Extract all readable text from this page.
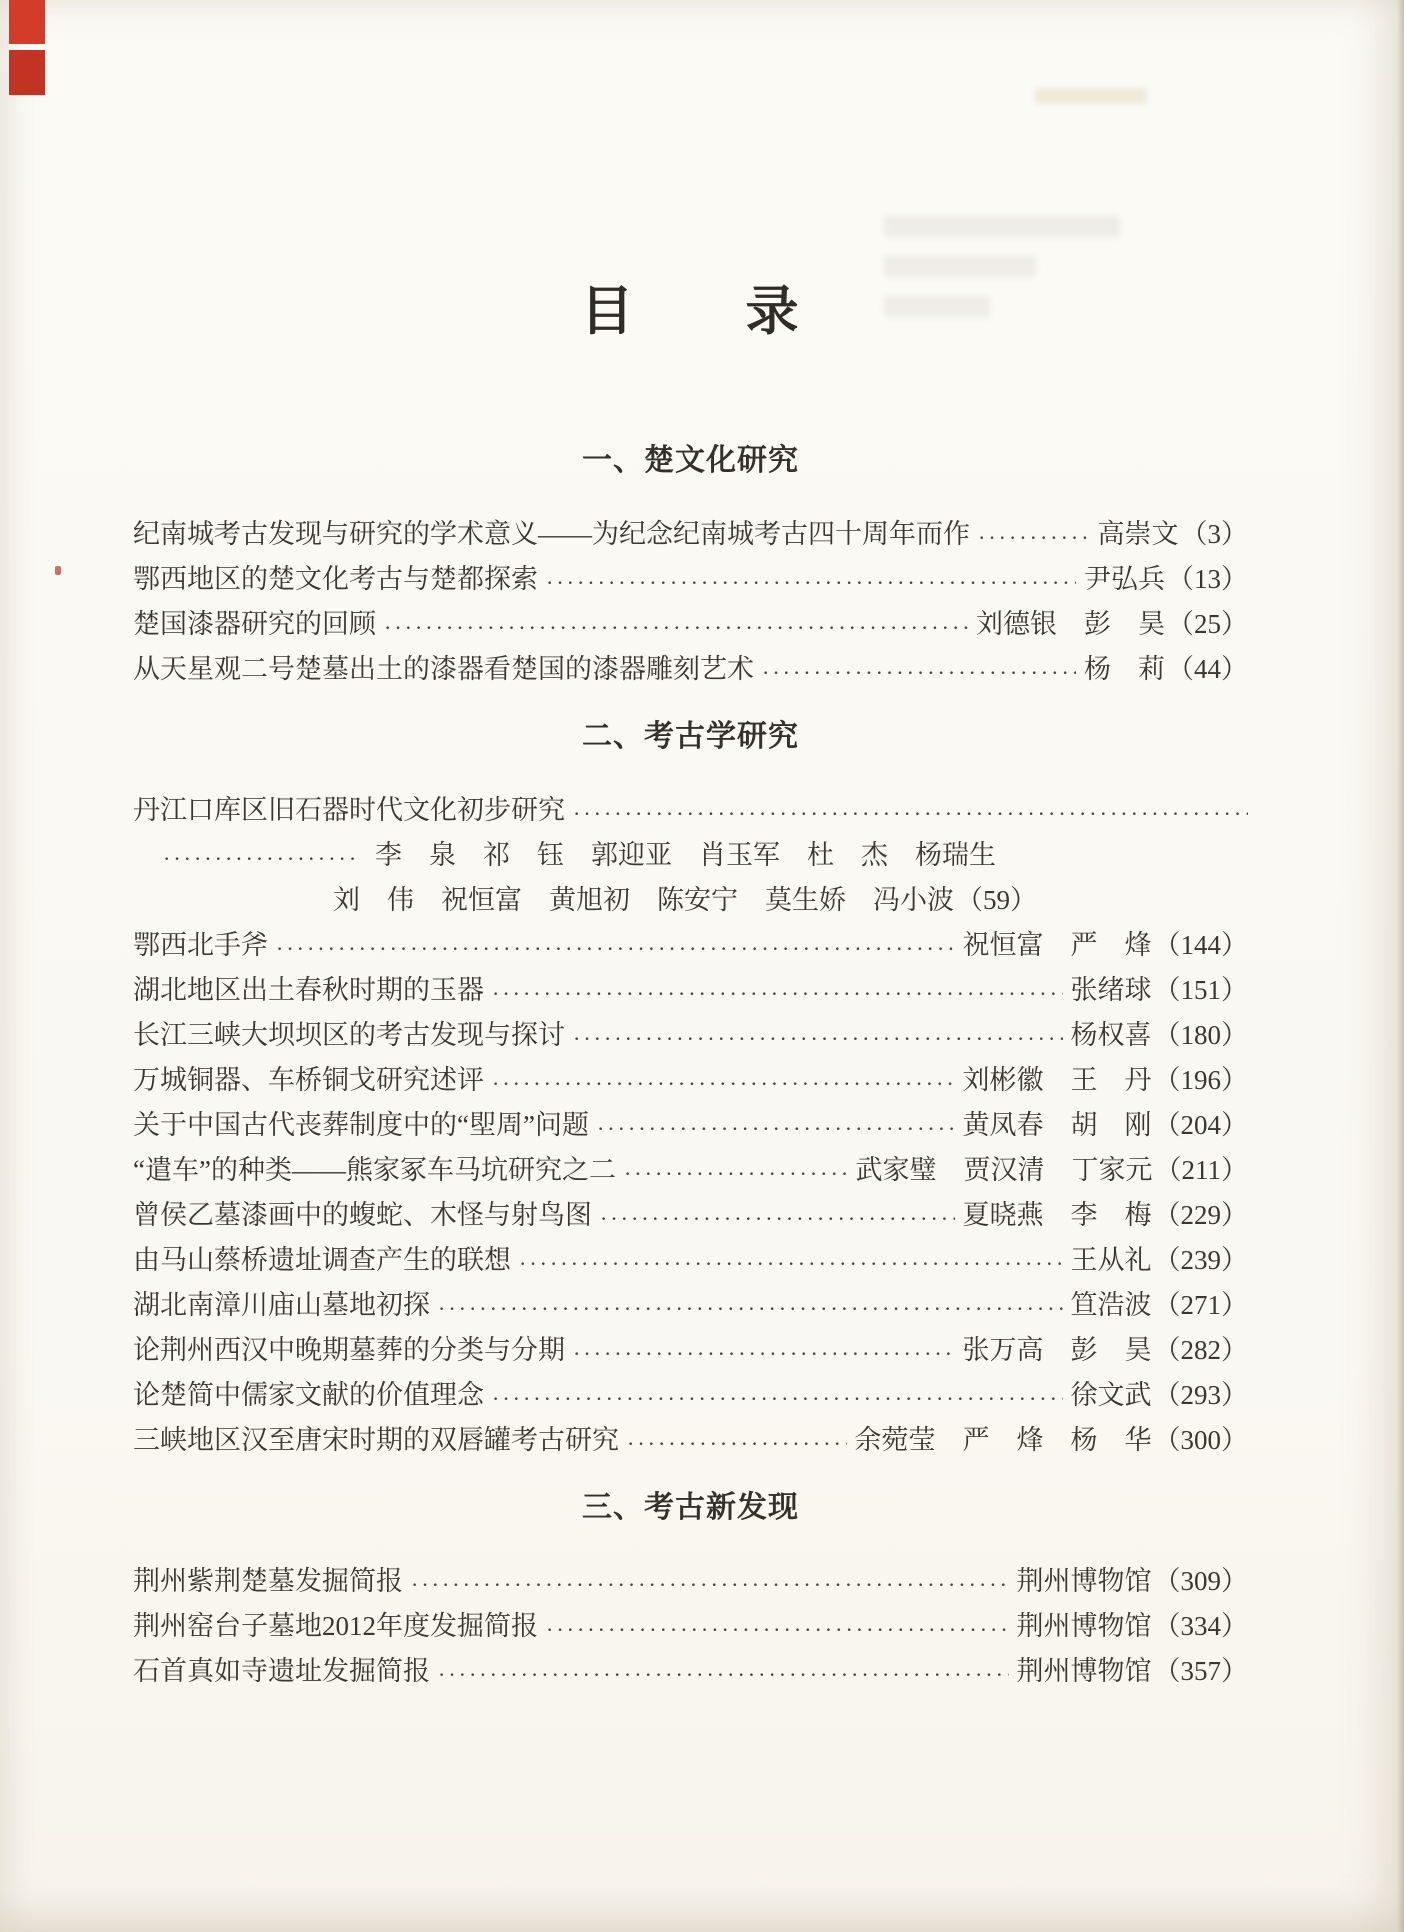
目　　录
一、楚文化研究
纪南城考古发现与研究的学术意义——为纪念纪南城考古四十周年而作 ·····	高崇文（3）
鄂西地区的楚文化考古与楚都探索 ·····	尹弘兵（13）
楚国漆器研究的回顾 ·····	刘德银　彭　昊（25）
从天星观二号楚墓出土的漆器看楚国的漆器雕刻艺术 ·····	杨　莉（44）
二、考古学研究
丹江口库区旧石器时代文化初步研究
·····
·····
李　泉　祁　钰　郭迎亚　肖玉军　杜　杰　杨瑞生
刘　伟　祝恒富　黄旭初　陈安宁　莫生娇　冯小波 （59）
鄂西北手斧 ·····	祝恒富　严　烽（144）
湖北地区出土春秋时期的玉器 ·····	张绪球（151）
长江三峡大坝坝区的考古发现与探讨 ·····	杨权喜（180）
万城铜器、车桥铜戈研究述评 ·····	刘彬徽　王　丹（196）
关于中国古代丧葬制度中的“堲周”问题 ·····	黄凤春　胡　刚（204）
“遣车”的种类——熊家冢车马坑研究之二 ·····	武家璧　贾汉清　丁家元（211）
曾侯乙墓漆画中的蝮蛇、木怪与射鸟图 ·····	夏晓燕　李　梅（229）
由马山蔡桥遗址调查产生的联想 ·····	王从礼（239）
湖北南漳川庙山墓地初探 ·····	笪浩波（271）
论荆州西汉中晚期墓葬的分类与分期 ·····	张万高　彭　昊（282）
论楚简中儒家文献的价值理念 ·····	徐文武（293）
三峡地区汉至唐宋时期的双唇罐考古研究 ·····	余菀莹　严　烽　杨　华（300）
三、考古新发现
荆州紫荆楚墓发掘简报 ·····	荆州博物馆（309）
荆州窑台子墓地2012年度发掘简报 ·····	荆州博物馆（334）
石首真如寺遗址发掘简报 ·····	荆州博物馆（357）
